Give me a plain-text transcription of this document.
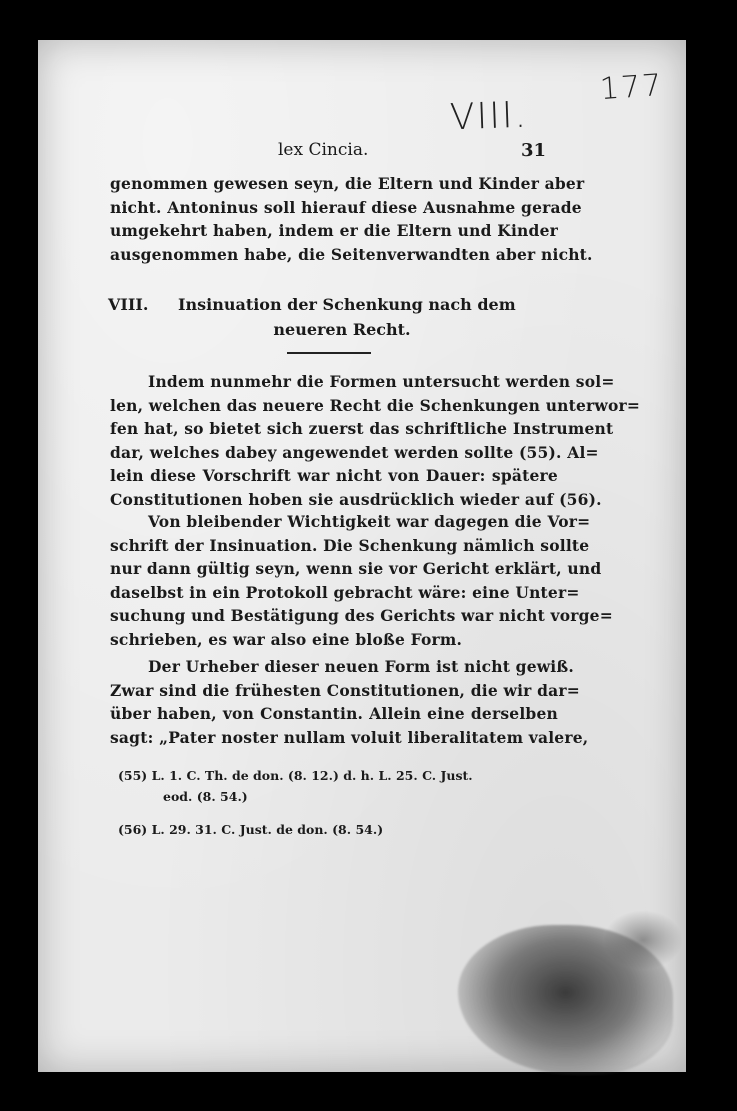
177
VIII.
lex Cincia.	31
genommen gewesen seyn, die Eltern und Kinder aber
nicht. Antoninus soll hierauf diese Ausnahme gerade
umgekehrt haben, indem er die Eltern und Kinder
ausgenommen habe, die Seitenverwandten aber nicht.
VIII. Insinuation der Schenkung nach dem
neueren Recht.
Indem nunmehr die Formen untersucht werden sol=
len, welchen das neuere Recht die Schenkungen unterwor=
fen hat, so bietet sich zuerst das schriftliche Instrument
dar, welches dabey angewendet werden sollte (55). Al=
lein diese Vorschrift war nicht von Dauer: spätere
Constitutionen hoben sie ausdrücklich wieder auf (56).
Von bleibender Wichtigkeit war dagegen die Vor=
schrift der Insinuation. Die Schenkung nämlich sollte
nur dann gültig seyn, wenn sie vor Gericht erklärt, und
daselbst in ein Protokoll gebracht wäre: eine Unter=
suchung und Bestätigung des Gerichts war nicht vorge=
schrieben, es war also eine bloße Form.
Der Urheber dieser neuen Form ist nicht gewiß.
Zwar sind die frühesten Constitutionen, die wir dar=
über haben, von Constantin. Allein eine derselben
sagt: „Pater noster nullam voluit liberalitatem valere,
(55) L. 1. C. Th. de don. (8. 12.) d. h. L. 25. C. Just.
eod. (8. 54.)
(56) L. 29. 31. C. Just. de don. (8. 54.)
